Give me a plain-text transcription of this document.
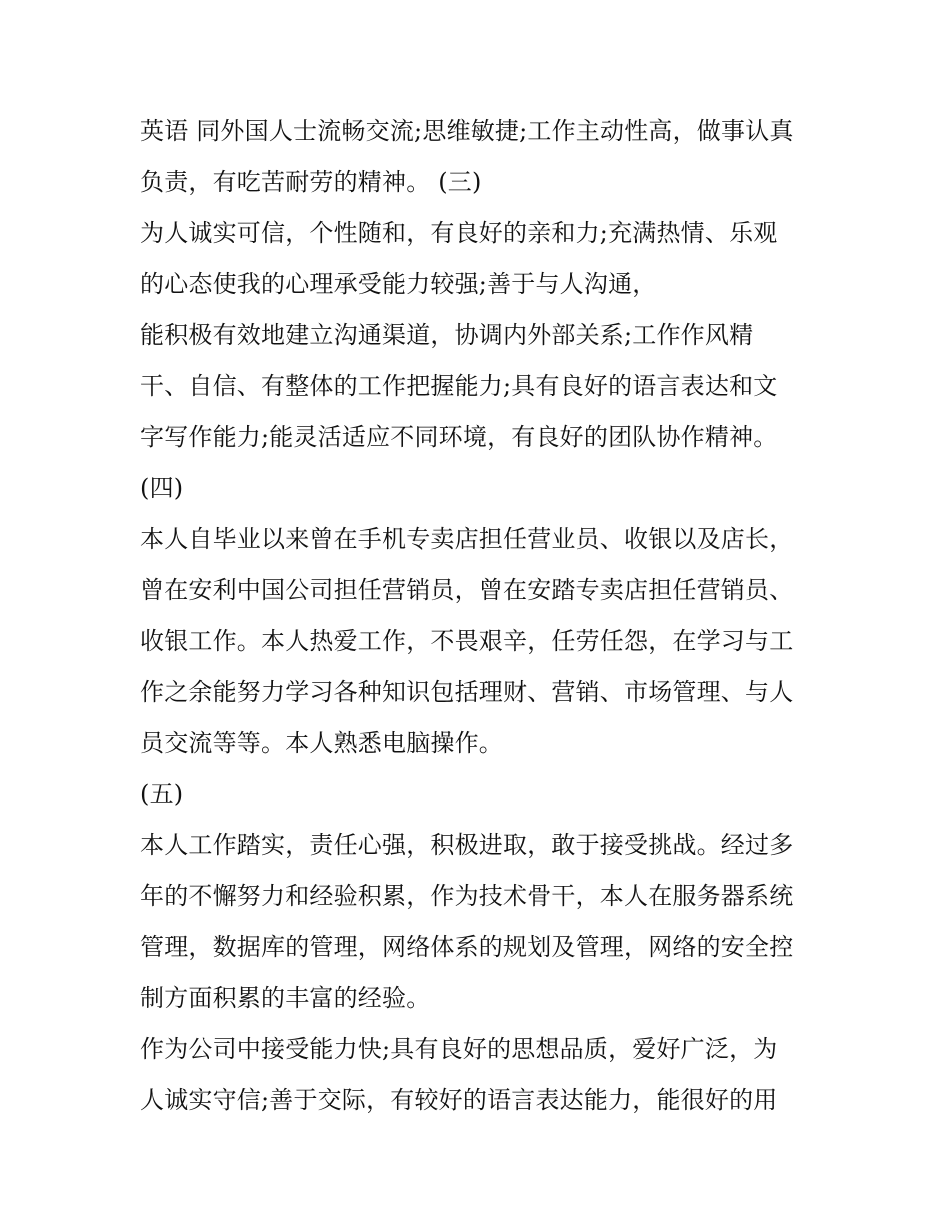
英语 同外国人士流畅交流;思维敏捷;工作主动性高，做事认真
负责，有吃苦耐劳的精神。 (三)
为人诚实可信，个性随和，有良好的亲和力;充满热情、乐观
的心态使我的心理承受能力较强;善于与人沟通，
能积极有效地建立沟通渠道，协调内外部关系;工作作风精
干、自信、有整体的工作把握能力;具有良好的语言表达和文
字写作能力;能灵活适应不同环境，有良好的团队协作精神。
(四)
本人自毕业以来曾在手机专卖店担任营业员、收银以及店长，
曾在安利中国公司担任营销员，曾在安踏专卖店担任营销员、
收银工作。本人热爱工作，不畏艰辛，任劳任怨，在学习与工
作之余能努力学习各种知识包括理财、营销、市场管理、与人
员交流等等。本人熟悉电脑操作。
(五)
本人工作踏实，责任心强，积极进取，敢于接受挑战。经过多
年的不懈努力和经验积累，作为技术骨干，本人在服务器系统
管理，数据库的管理，网络体系的规划及管理，网络的安全控
制方面积累的丰富的经验。
作为公司中接受能力快;具有良好的思想品质，爱好广泛，为
人诚实守信;善于交际，有较好的语言表达能力，能很好的用
